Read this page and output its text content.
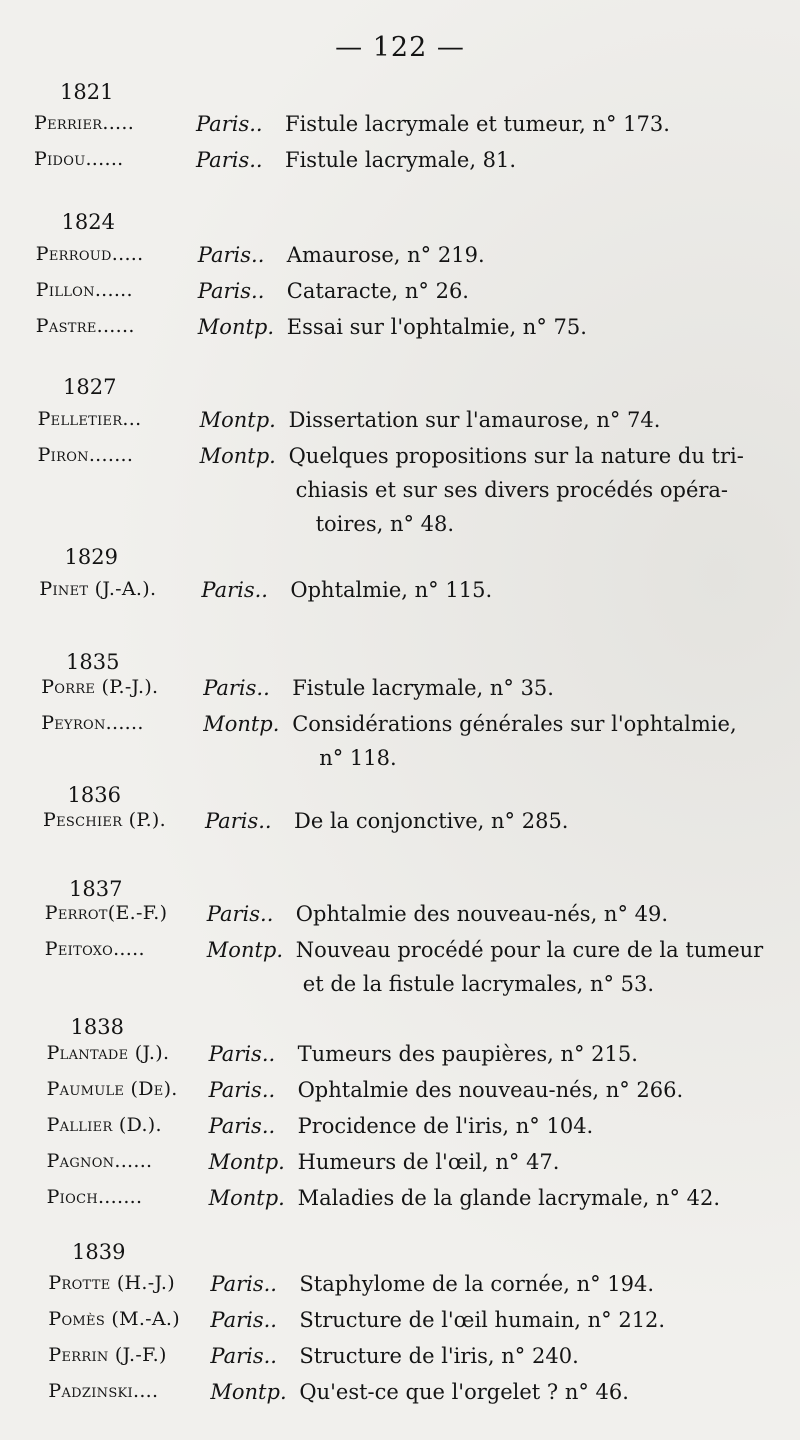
— 122 —
1821
Perrier.....	Paris.. Fistule lacrymale et tumeur, n° 173.
Pidou......	Paris.. Fistule lacrymale, 81.
1824
Perroud.....	Paris.. Amaurose, n° 219.
Pillon......	Paris.. Cataracte, n° 26.
Pastre......	Montp. Essai sur l'ophtalmie, n° 75.
1827
Pelletier...	Montp. Dissertation sur l'amaurose, n° 74.
Piron.......	Montp. Quelques propositions sur la nature du tri-
chiasis et sur ses divers procédés opéra-
toires, n° 48.
1829
Pinet (J.-A.). Paris.. Ophtalmie, n° 115.
1835
Porre (P.-J.). Paris.. Fistule lacrymale, n° 35.
Peyron......	Montp. Considérations générales sur l'ophtalmie,
n° 118.
1836
Peschier (P.). Paris.. De la conjonctive, n° 285.
1837
Perrot(E.-F.) Paris.. Ophtalmie des nouveau-nés, n° 49.
Peitoxo.....	Montp. Nouveau procédé pour la cure de la tumeur
et de la fistule lacrymales, n° 53.
1838
Plantade (J.). Paris.. Tumeurs des paupières, n° 215.
Paumule (De). Paris.. Ophtalmie des nouveau-nés, n° 266.
Pallier (D.). Paris.. Procidence de l'iris, n° 104.
Pagnon......	Montp. Humeurs de l'œil, n° 47.
Pioch.......	Montp. Maladies de la glande lacrymale, n° 42.
1839
Protte (H.-J.) Paris.. Staphylome de la cornée, n° 194.
Pomès (M.-A.) Paris.. Structure de l'œil humain, n° 212.
Perrin (J.-F.) Paris.. Structure de l'iris, n° 240.
Padzinski.... Montp. Qu'est-ce que l'orgelet ? n° 46.
